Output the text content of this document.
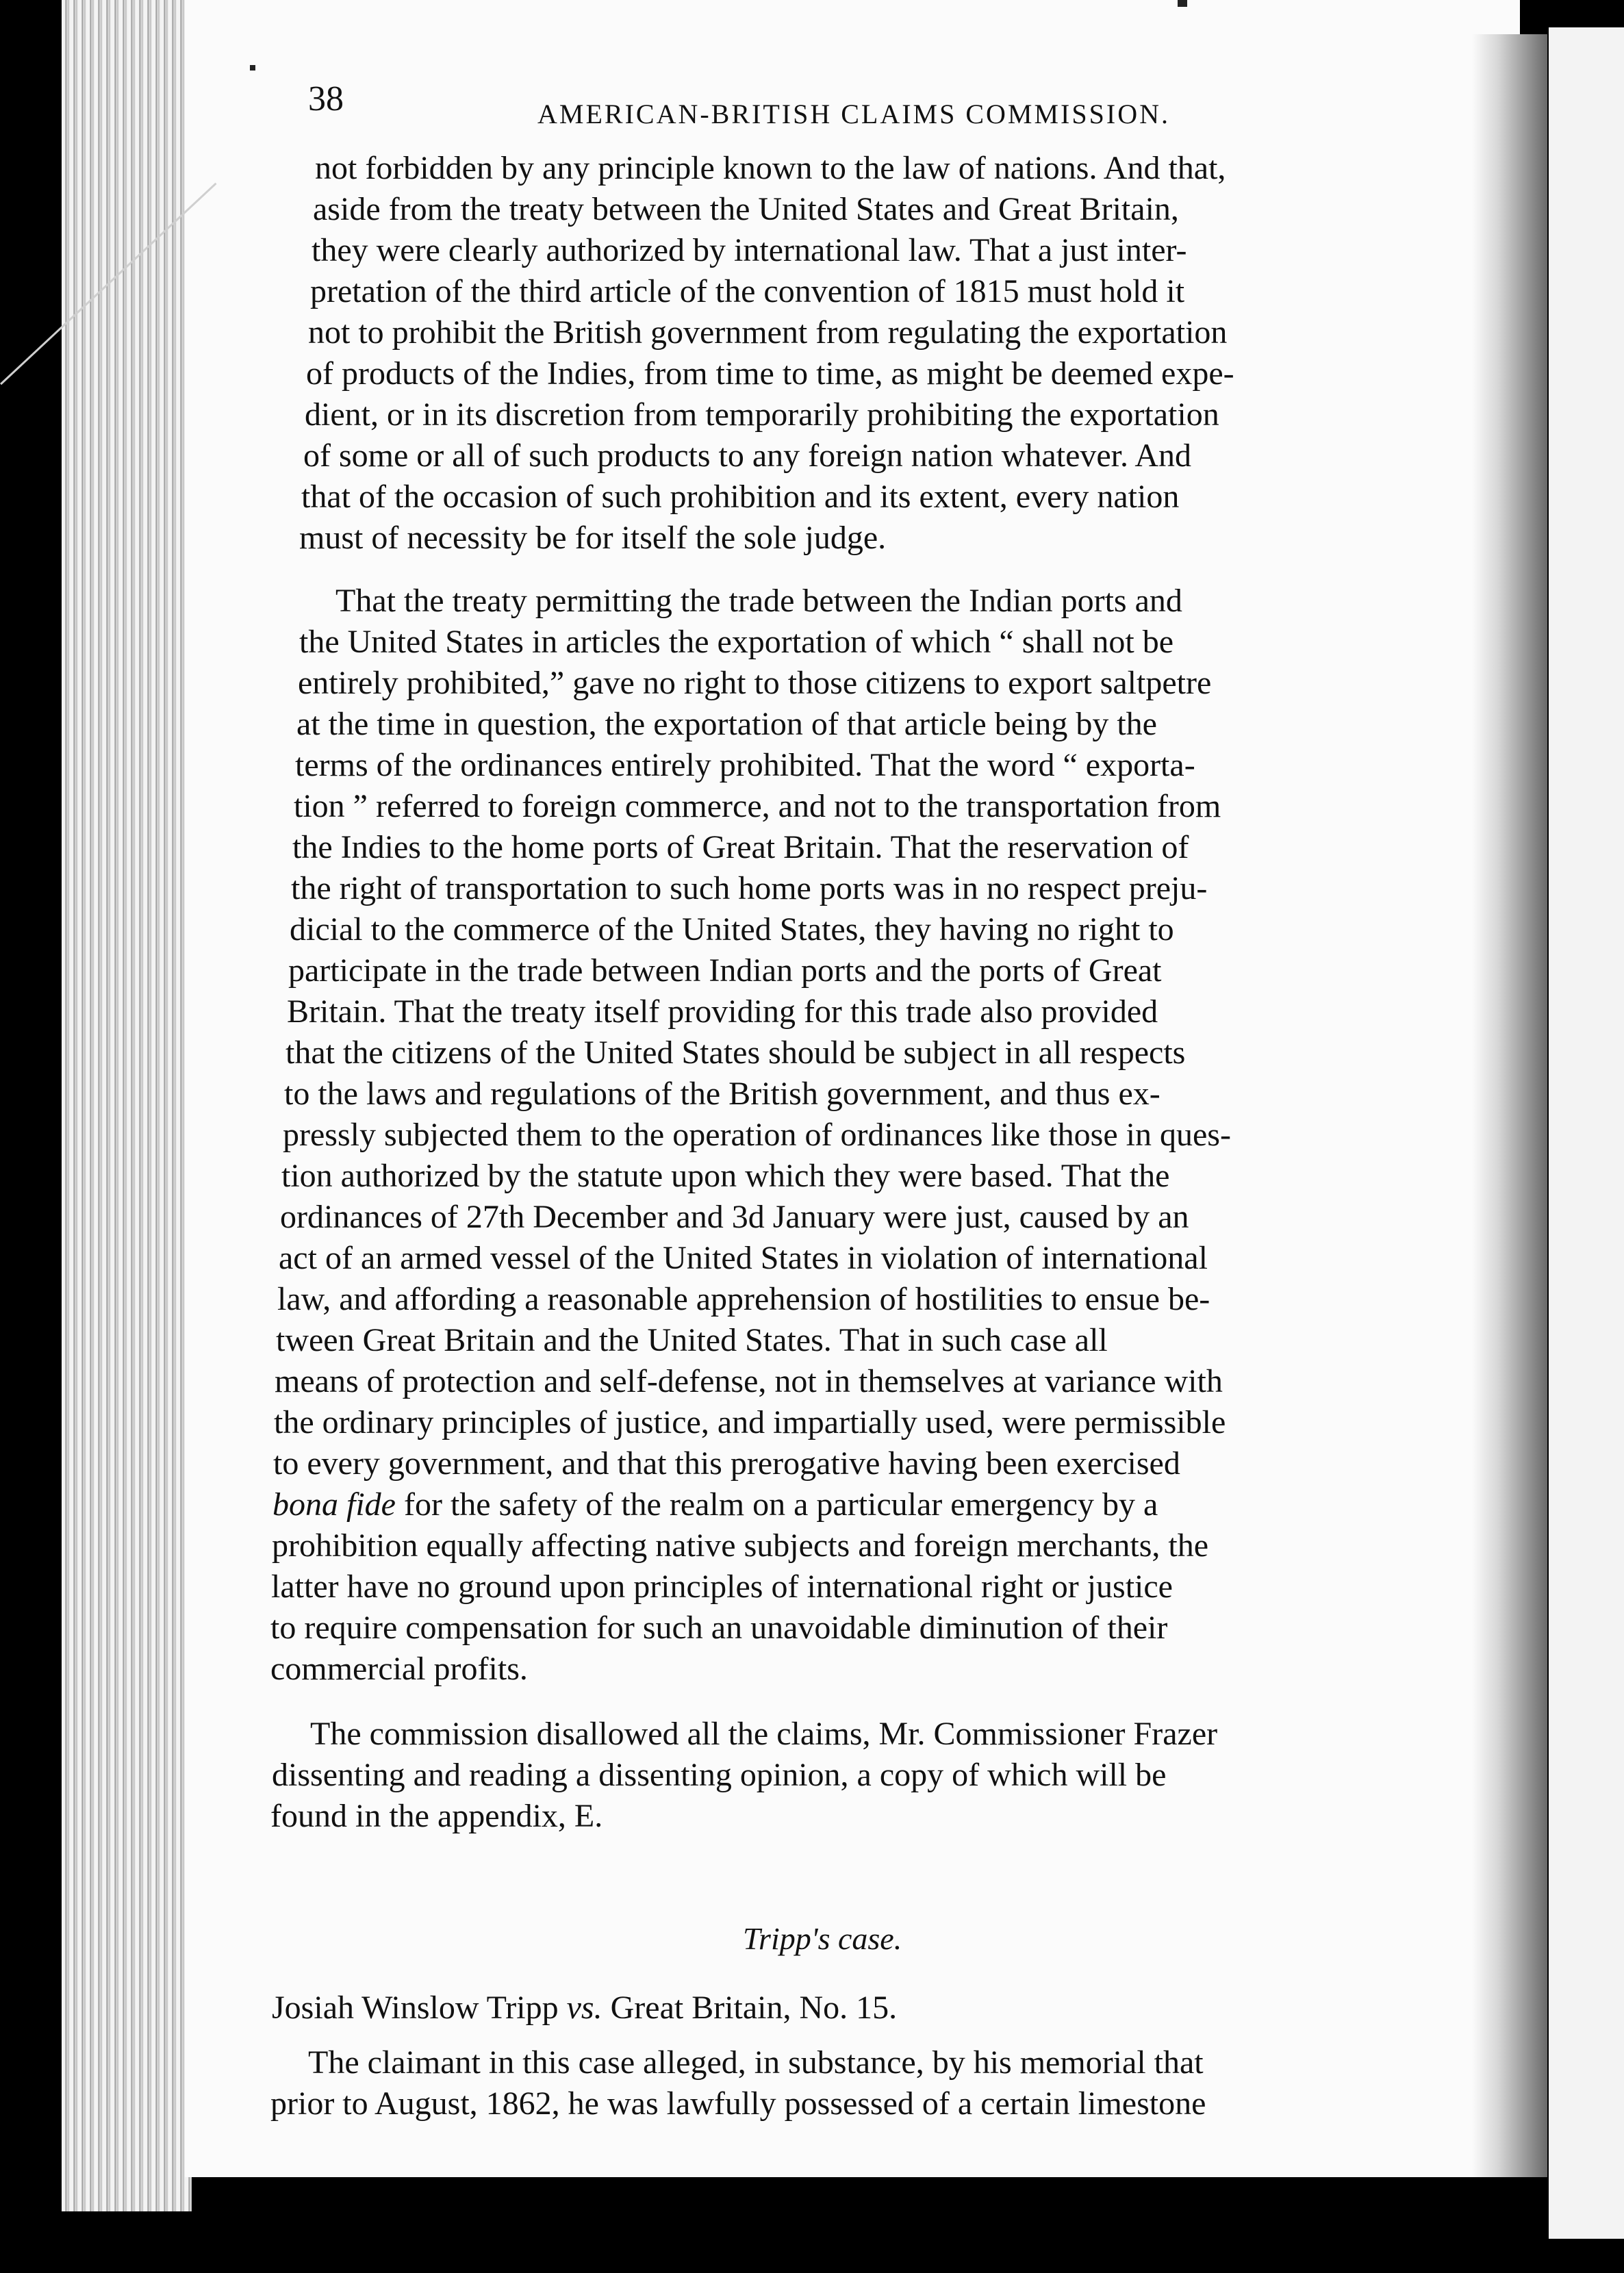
38	AMERICAN-BRITISH CLAIMS COMMISSION.
not forbidden by any principle known to the law of nations. And that,
aside from the treaty between the United States and Great Britain,
they were clearly authorized by international law. That a just inter-
pretation of the third article of the convention of 1815 must hold it
not to prohibit the British government from regulating the exportation
of products of the Indies, from time to time, as might be deemed expe-
dient, or in its discretion from temporarily prohibiting the exportation
of some or all of such products to any foreign nation whatever. And
that of the occasion of such prohibition and its extent, every nation
must of necessity be for itself the sole judge.
That the treaty permitting the trade between the Indian ports and
the United States in articles the exportation of which “ shall not be
entirely prohibited,” gave no right to those citizens to export saltpetre
at the time in question, the exportation of that article being by the
terms of the ordinances entirely prohibited. That the word “ exporta-
tion ” referred to foreign commerce, and not to the transportation from
the Indies to the home ports of Great Britain. That the reservation of
the right of transportation to such home ports was in no respect preju-
dicial to the commerce of the United States, they having no right to
participate in the trade between Indian ports and the ports of Great
Britain. That the treaty itself providing for this trade also provided
that the citizens of the United States should be subject in all respects
to the laws and regulations of the British government, and thus ex-
pressly subjected them to the operation of ordinances like those in ques-
tion authorized by the statute upon which they were based. That the
ordinances of 27th December and 3d January were just, caused by an
act of an armed vessel of the United States in violation of international
law, and affording a reasonable apprehension of hostilities to ensue be-
tween Great Britain and the United States. That in such case all
means of protection and self-defense, not in themselves at variance with
the ordinary principles of justice, and impartially used, were permissible
to every government, and that this prerogative having been exercised
bona fide for the safety of the realm on a particular emergency by a
prohibition equally affecting native subjects and foreign merchants, the
latter have no ground upon principles of international right or justice
to require compensation for such an unavoidable diminution of their
commercial profits.
The commission disallowed all the claims, Mr. Commissioner Frazer
dissenting and reading a dissenting opinion, a copy of which will be
found in the appendix, E.
Tripp's case.
Josiah Winslow Tripp vs. Great Britain, No. 15.
The claimant in this case alleged, in substance, by his memorial that
prior to August, 1862, he was lawfully possessed of a certain limestone
